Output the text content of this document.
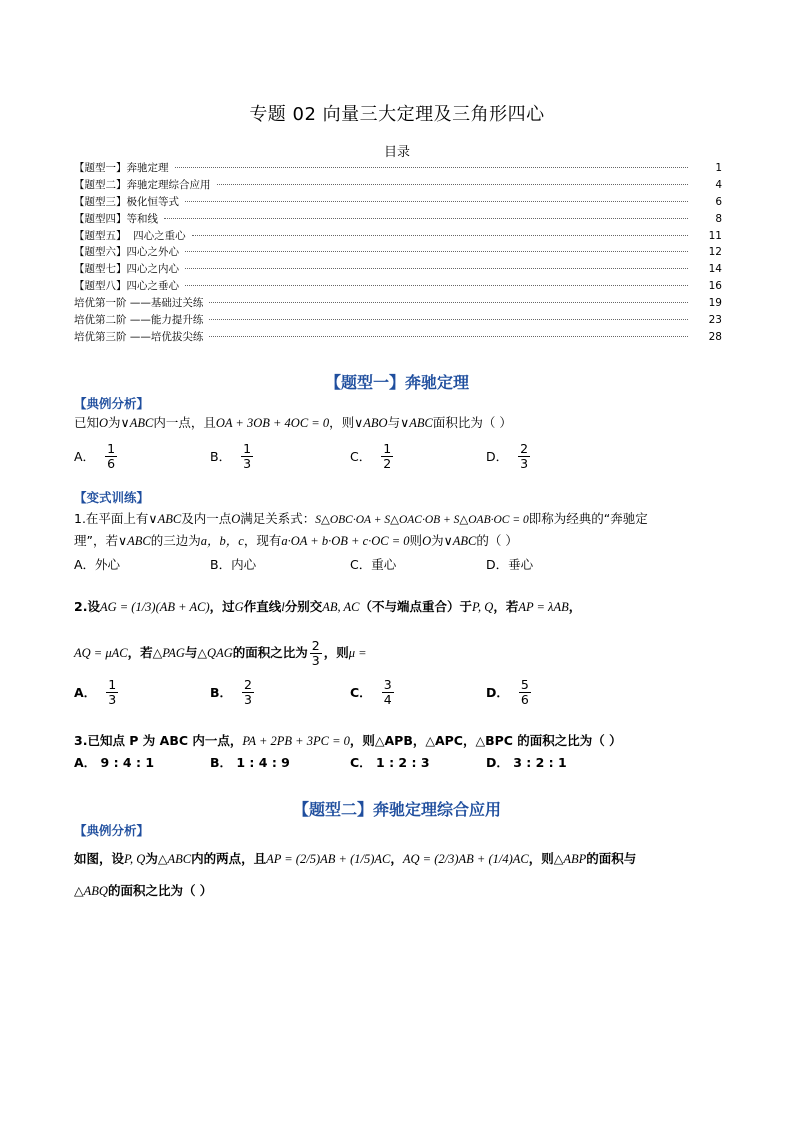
专题 02 向量三大定理及三角形四心
目录
【题型一】奔驰定理	1
【题型二】奔驰定理综合应用	4
【题型三】极化恒等式	6
【题型四】等和线	8
【题型五】  四心之重心	11
【题型六】四心之外心	12
【题型七】四心之内心	14
【题型八】四心之垂心	16
培优第一阶 ——基础过关练	19
培优第二阶 ——能力提升练	23
培优第三阶 ——培优拔尖练	28
【题型一】奔驰定理
【典例分析】
已知O为∨ABC内一点，且OA + 3OB + 4OC = 0，则∨ABO与∨ABC面积比为（ ）
A． $\frac{1}{6}$	B． $\frac{1}{3}$	C． $\frac{1}{2}$	D． $\frac{2}{3}$
【变式训练】
1.在平面上有∨ABC及内一点O满足关系式：S△OBC·OA + S△OAC·OB + S△OAB·OC = 0即称为经典的“奔驰定
理”，若∨ABC的三边为a，b，c，现有a·OA + b·OB + c·OC = 0则O为∨ABC的（ ）
A．外心	B．内心	C．重心	D．垂心
2.设AG = (1/3)(AB + AC)，过G作直线l分别交AB, AC（不与端点重合）于P, Q，若AP = λAB，
AQ = μAC ，若△ PAG 与△ QAG 的面积之比为 $\frac{2}{3}$ ，则 μ =
A． $\frac{1}{3}$	B． $\frac{2}{3}$	C． $\frac{3}{4}$	D． $\frac{5}{6}$
3.已知点 P 为 ABC 内一点，PA + 2PB + 3PC = 0，则△APB，△APC，△BPC 的面积之比为（ ）
A． 9 : 4 : 1	B． 1 : 4 : 9	C． 1 : 2 : 3	D． 3 : 2 : 1
【题型二】奔驰定理综合应用
【典例分析】
如图，设 P, Q 为△ ABC 内的两点，且 AP = (2/5)AB + (1/5)AC ， AQ = (2/3)AB + (1/4)AC ，则△ ABP 的面积与
△ABQ的面积之比为（ ）
